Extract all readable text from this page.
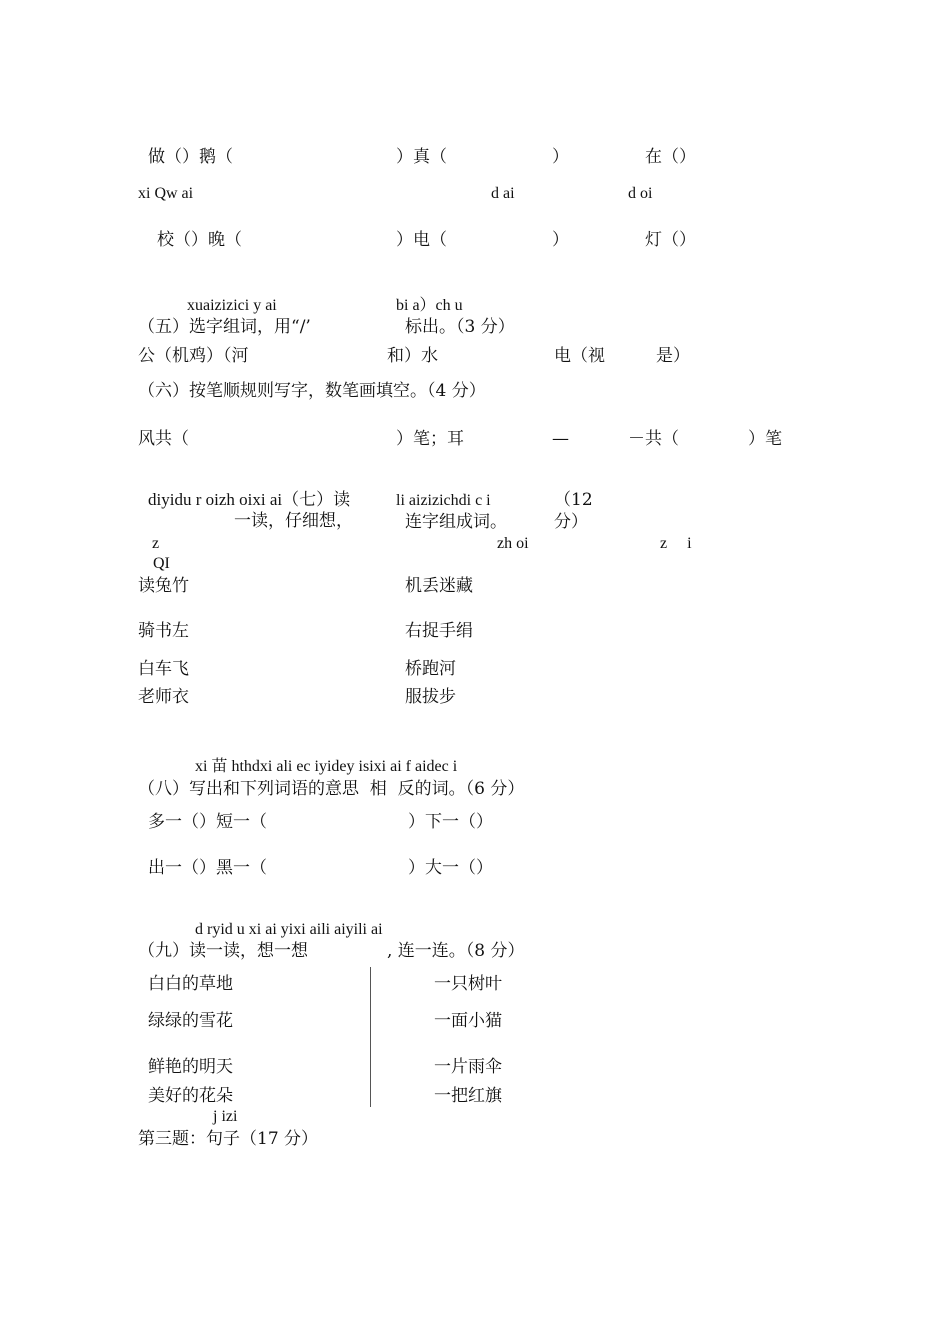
做（）鹅（	）真（	）	在（）
xi Qw ai	d ai	d oi
校（）晚（	）电（	）	灯（）
xuaizizici y ai	bi a）ch u
（五）选字组词，用“/’	标出。（3 分）
公（机鸡）（河	和）水	电（视	是）
（六）按笔顺规则写字，数笔画填空。（4 分）
风共（	）笔；耳	—	－共（	）笔
diyidu r oizh oixi ai（七）读
一读，仔细想，
li aizizichdi c i
连字组成词。
（12
分）
z	zh oi	z     i
QI
读兔竹	机丢迷藏
骑书左	右捉手绢
白车飞	桥跑河
老师衣	服拔步
xi 苗 hthdxi ali ec iyidey isixi ai f aidec i
（八）写出和下列词语的意思  相  反的词。（6 分）
多一（）短一（	）下一（）
出一（）黑一（	）大一（）
d ryid u xi ai yixi aili aiyili ai
（九）读一读，想一想	, 连一连。（8 分）
白白的草地	一只树叶
绿绿的雪花	一面小猫
鲜艳的明天	一片雨伞
美好的花朵	一把红旗
j izi
第三题：句子（17 分）
